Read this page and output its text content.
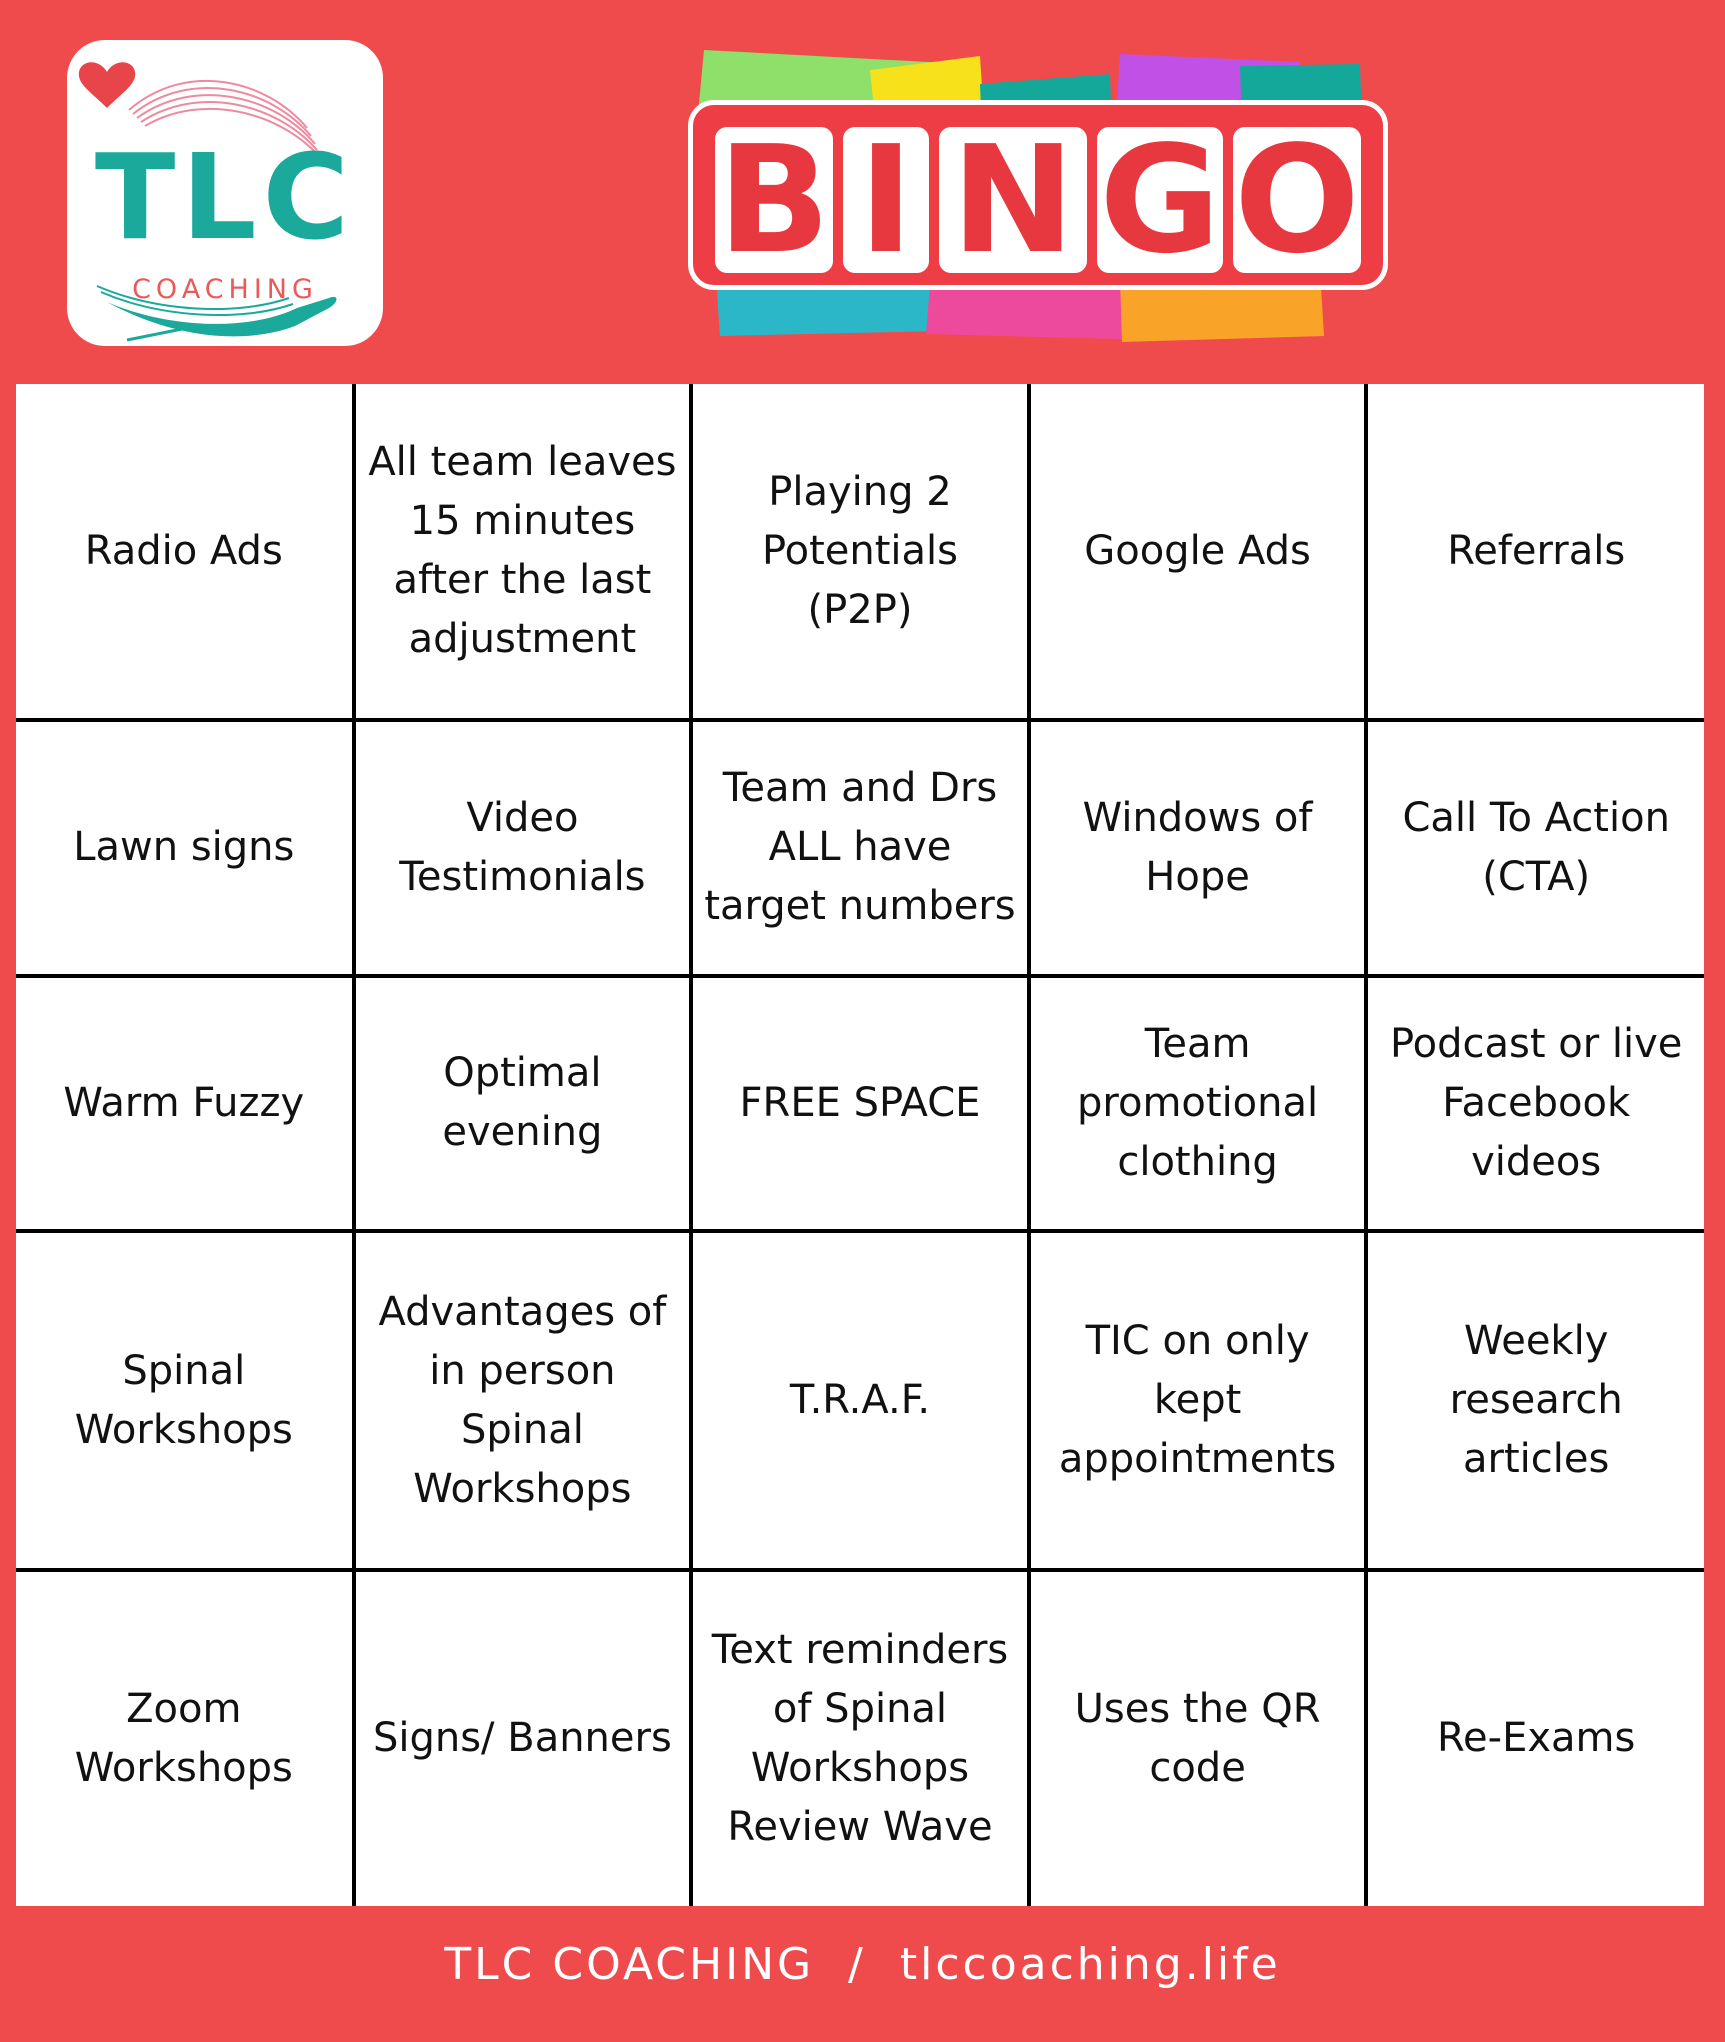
TLC
COACHING
B I N G O
Radio Ads	All team leaves 15 minutes after the last adjustment	Playing 2 Potentials (P2P)	Google Ads	Referrals
Lawn signs	Video Testimonials	Team and Drs ALL have target numbers	Windows of Hope	Call To Action (CTA)
Warm Fuzzy	Optimal evening	FREE SPACE	Team promotional clothing	Podcast or live Facebook videos
Spinal Workshops	Advantages of in person Spinal Workshops	T.R.A.F.	TIC on only kept appointments	Weekly research articles
Zoom Workshops	Signs/ Banners	Text reminders of Spinal Workshops Review Wave	Uses the QR code	Re-Exams
TLC COACHING  /  tlccoaching.life
